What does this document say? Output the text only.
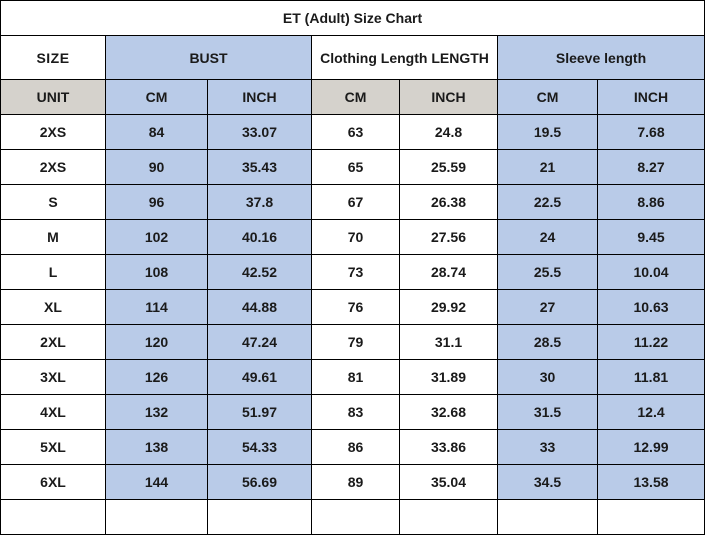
ET (Adult) Size Chart						
SIZE	BUST		Clothing Length LENGTH		Sleeve length	
UNIT	CM	INCH	CM	INCH	CM	INCH
2XS	84	33.07	63	24.8	19.5	7.68
2XS	90	35.43	65	25.59	21	8.27
S	96	37.8	67	26.38	22.5	8.86
M	102	40.16	70	27.56	24	9.45
L	108	42.52	73	28.74	25.5	10.04
XL	114	44.88	76	29.92	27	10.63
2XL	120	47.24	79	31.1	28.5	11.22
3XL	126	49.61	81	31.89	30	11.81
4XL	132	51.97	83	32.68	31.5	12.4
5XL	138	54.33	86	33.86	33	12.99
6XL	144	56.69	89	35.04	34.5	13.58
